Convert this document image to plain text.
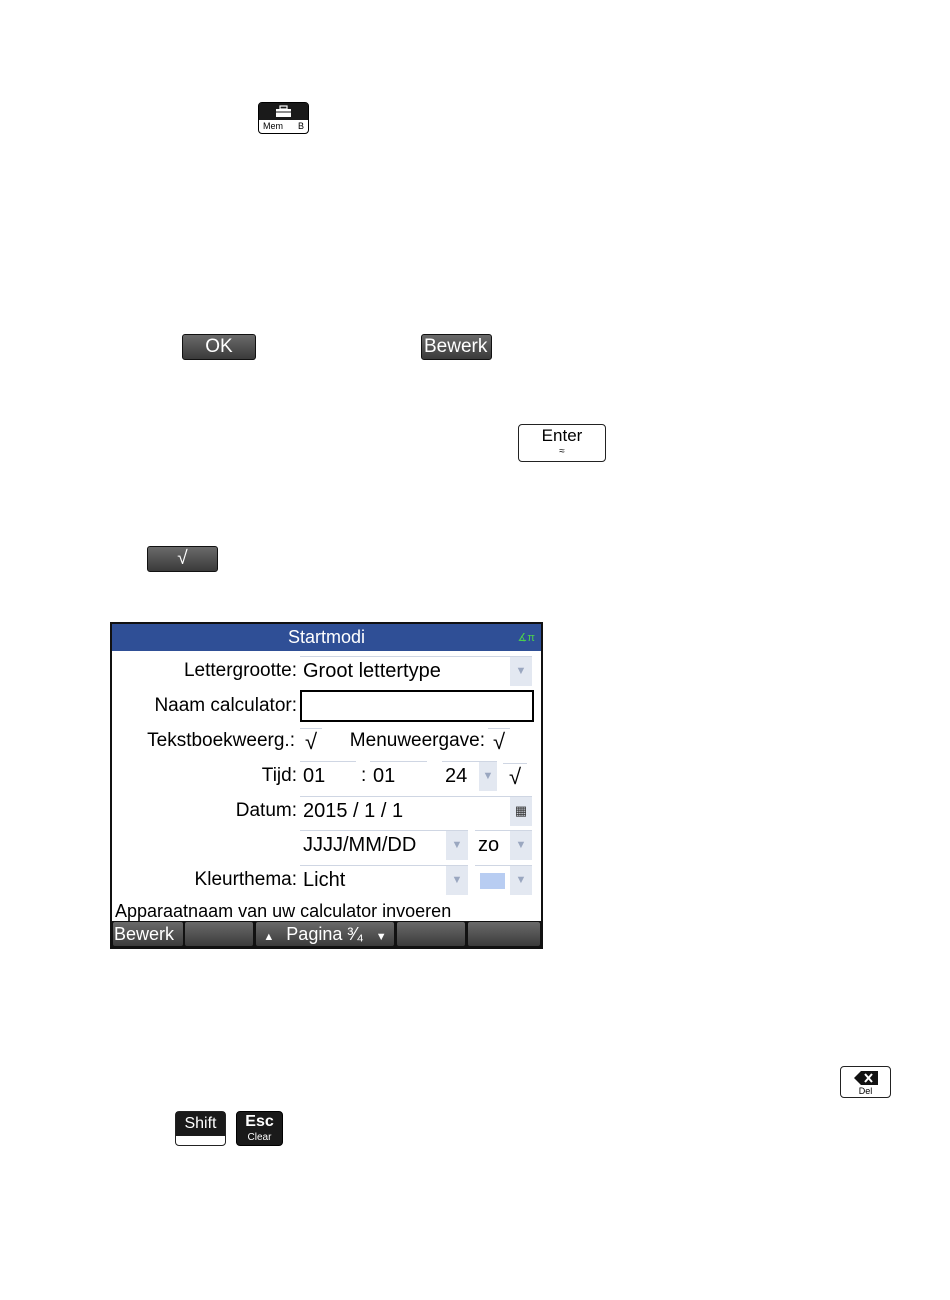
Mem B
OK	Bewerk
Enter
≈
√
Startmodi	∡π
Lettergrootte: Groot lettertype	▼
Naam calculator:
Tekstboekweerg.: √ Menuweergave: √
Tijd: 01	: 01	24	▼ √
Datum: 2015 / 1 / 1	▦
JJJJ/MM/DD	▼ zo	▼
Kleurthema: Licht	▼	▼
Apparaatnaam van uw calculator invoeren
Bewerk	▲ Pagina ³⁄₄ ▼
Del
Shift	Esc
Clear
